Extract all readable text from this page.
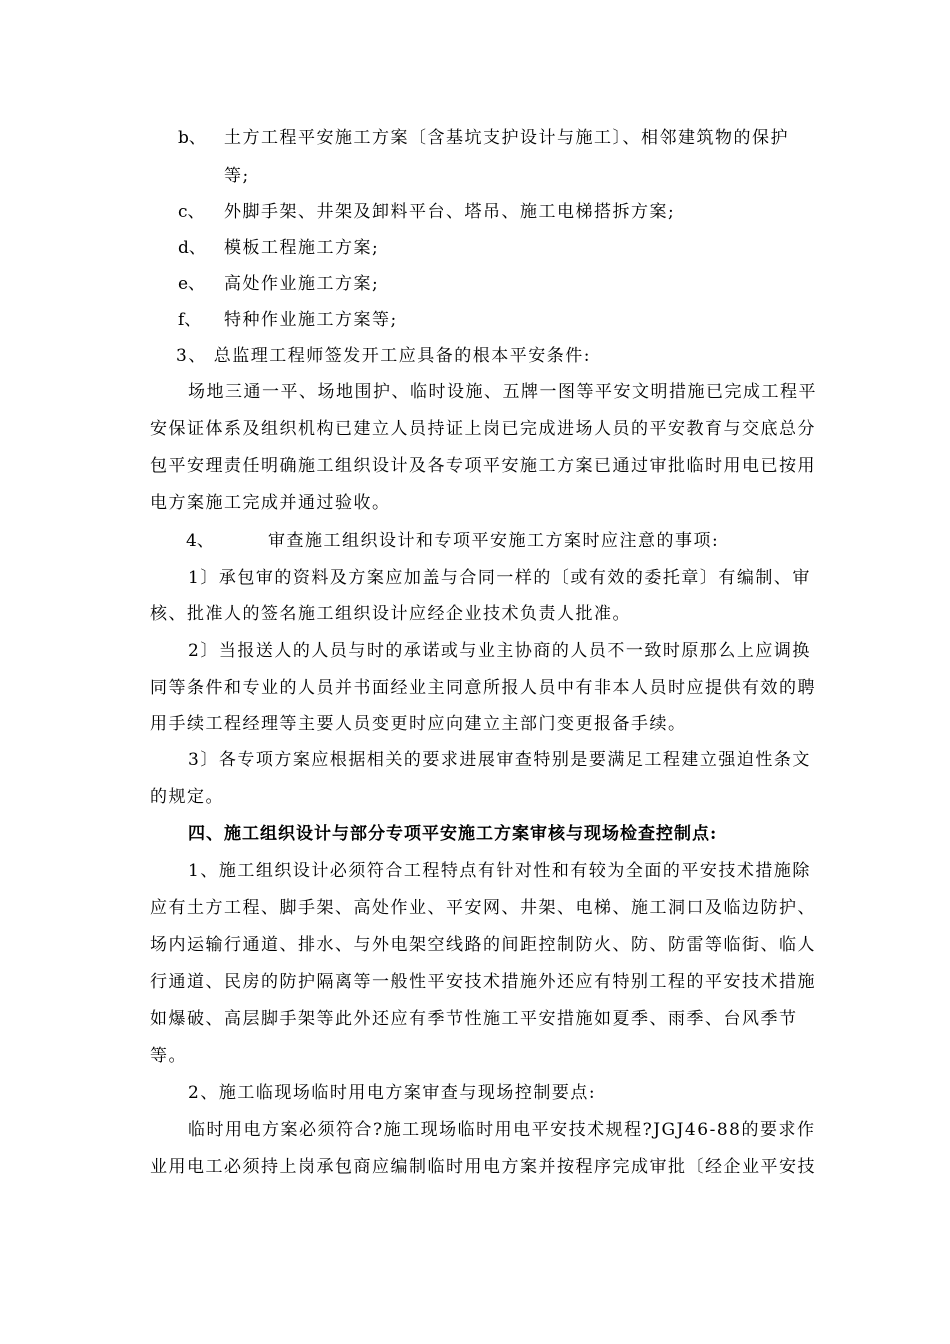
b、 土方工程平安施工方案〔含基坑支护设计与施工〕、相邻建筑物的保护
等;
c、 外脚手架、井架及卸料平台、塔吊、施工电梯搭拆方案;
d、 模板工程施工方案;
e、 高处作业施工方案;
f、 特种作业施工方案等;
3、 总监理工程师签发开工应具备的根本平安条件:
场地三通一平、场地围护、临时设施、五牌一图等平安文明措施已完成工程平
安保证体系及组织机构已建立人员持证上岗已完成进场人员的平安教育与交底总分
包平安理责任明确施工组织设计及各专项平安施工方案已通过审批临时用电已按用
电方案施工完成并通过验收。
4、	审查施工组织设计和专项平安施工方案时应注意的事项:
1〕承包审的资料及方案应加盖与合同一样的〔或有效的委托章〕有编制、审
核、批准人的签名施工组织设计应经企业技术负责人批准。
2〕当报送人的人员与时的承诺或与业主协商的人员不一致时原那么上应调换
同等条件和专业的人员并书面经业主同意所报人员中有非本人员时应提供有效的聘
用手续工程经理等主要人员变更时应向建立主部门变更报备手续。
3〕各专项方案应根据相关的要求进展审查特别是要满足工程建立强迫性条文
的规定。
四、施工组织设计与部分专项平安施工方案审核与现场检查控制点:
1、施工组织设计必须符合工程特点有针对性和有较为全面的平安技术措施除
应有土方工程、脚手架、高处作业、平安网、井架、电梯、施工洞口及临边防护、
场内运输行通道、排水、与外电架空线路的间距控制防火、防、防雷等临街、临人
行通道、民房的防护隔离等一般性平安技术措施外还应有特别工程的平安技术措施
如爆破、高层脚手架等此外还应有季节性施工平安措施如夏季、雨季、台风季节
等。
2、施工临现场临时用电方案审查与现场控制要点:
临时用电方案必须符合?施工现场临时用电平安技术规程?JGJ46-88的要求作
业用电工必须持上岗承包商应编制临时用电方案并按程序完成审批〔经企业平安技
